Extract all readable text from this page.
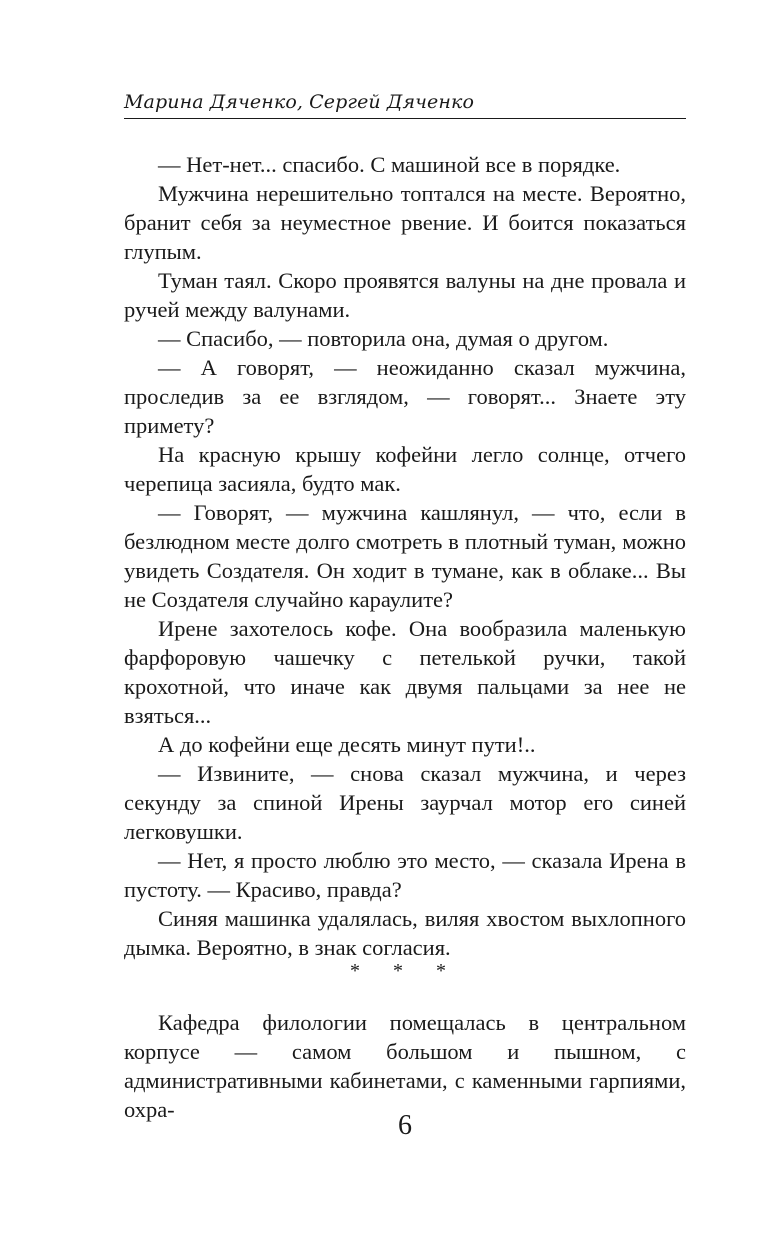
Марина Дяченко, Сергей Дяченко

— Нет-нет... спасибо. С машиной все в порядке.

Мужчина нерешительно топтался на месте. Вероятно, бранит себя за неуместное рвение. И боится показаться глупым.

Туман таял. Скоро проявятся валуны на дне провала и ручей между валунами.

— Спасибо, — повторила она, думая о другом.

— А говорят, — неожиданно сказал мужчина, проследив за ее взглядом, — говорят... Знаете эту примету?

На красную крышу кофейни легло солнце, отчего черепица засияла, будто мак.

— Говорят, — мужчина кашлянул, — что, если в безлюдном месте долго смотреть в плотный туман, можно увидеть Создателя. Он ходит в тумане, как в облаке... Вы не Создателя случайно караулите?

Ирене захотелось кофе. Она вообразила маленькую фарфоровую чашечку с петелькой ручки, такой крохотной, что иначе как двумя пальцами за нее не взяться...

А до кофейни еще десять минут пути!..

— Извините, — снова сказал мужчина, и через секунду за спиной Ирены заурчал мотор его синей легковушки.

— Нет, я просто люблю это место, — сказала Ирена в пустоту. — Красиво, правда?

Синяя машинка удалялась, виляя хвостом выхлопного дымка. Вероятно, в знак согласия.

* * *

Кафедра филологии помещалась в центральном корпусе — самом большом и пышном, с административными кабинетами, с каменными гарпиями, охра-

6
